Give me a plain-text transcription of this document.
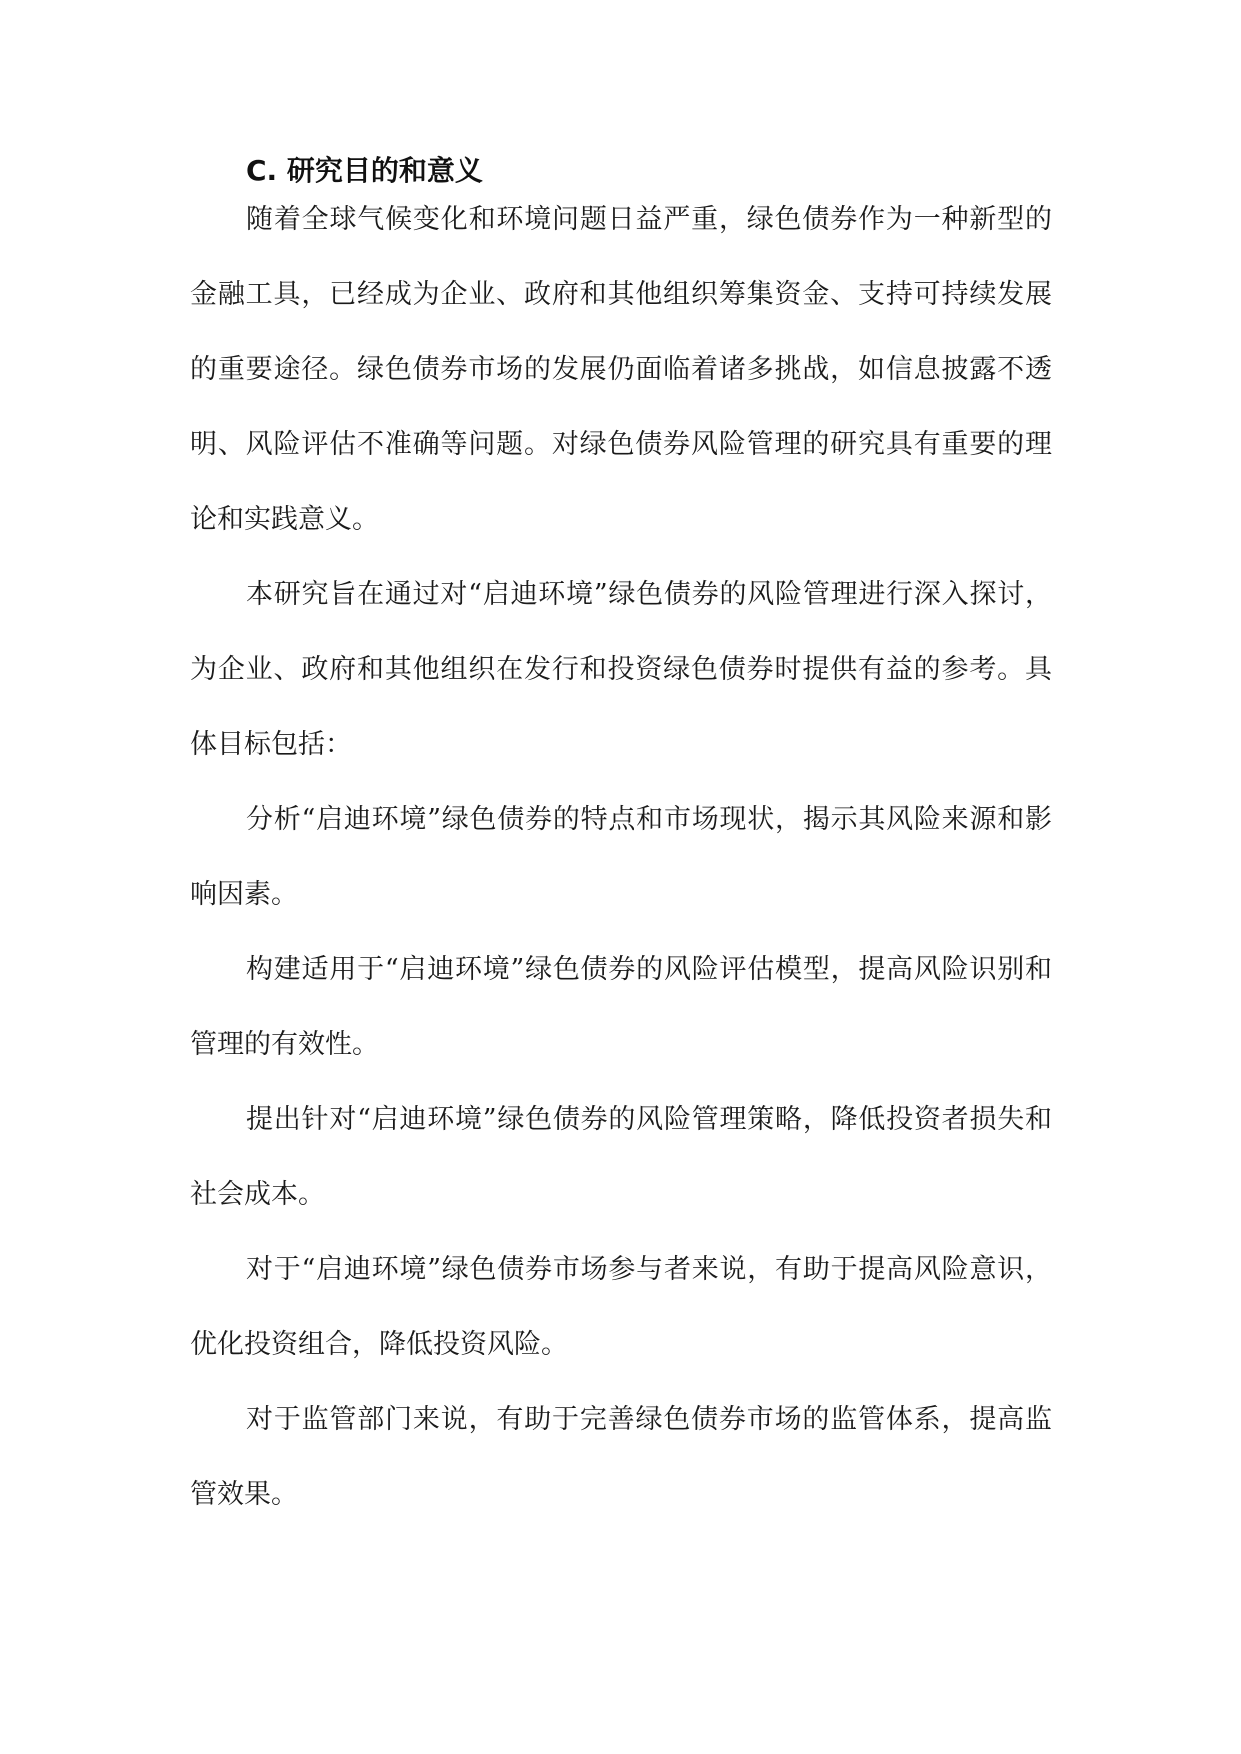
C. 研究目的和意义

随着全球气候变化和环境问题日益严重，绿色债券作为一种新型的金融工具，已经成为企业、政府和其他组织筹集资金、支持可持续发展的重要途径。绿色债券市场的发展仍面临着诸多挑战，如信息披露不透明、风险评估不准确等问题。对绿色债券风险管理的研究具有重要的理论和实践意义。

本研究旨在通过对“启迪环境”绿色债券的风险管理进行深入探讨，为企业、政府和其他组织在发行和投资绿色债券时提供有益的参考。具体目标包括：

分析“启迪环境”绿色债券的特点和市场现状，揭示其风险来源和影响因素。

构建适用于“启迪环境”绿色债券的风险评估模型，提高风险识别和管理的有效性。

提出针对“启迪环境”绿色债券的风险管理策略，降低投资者损失和社会成本。

对于“启迪环境”绿色债券市场参与者来说，有助于提高风险意识，优化投资组合，降低投资风险。

对于监管部门来说，有助于完善绿色债券市场的监管体系，提高监管效果。
